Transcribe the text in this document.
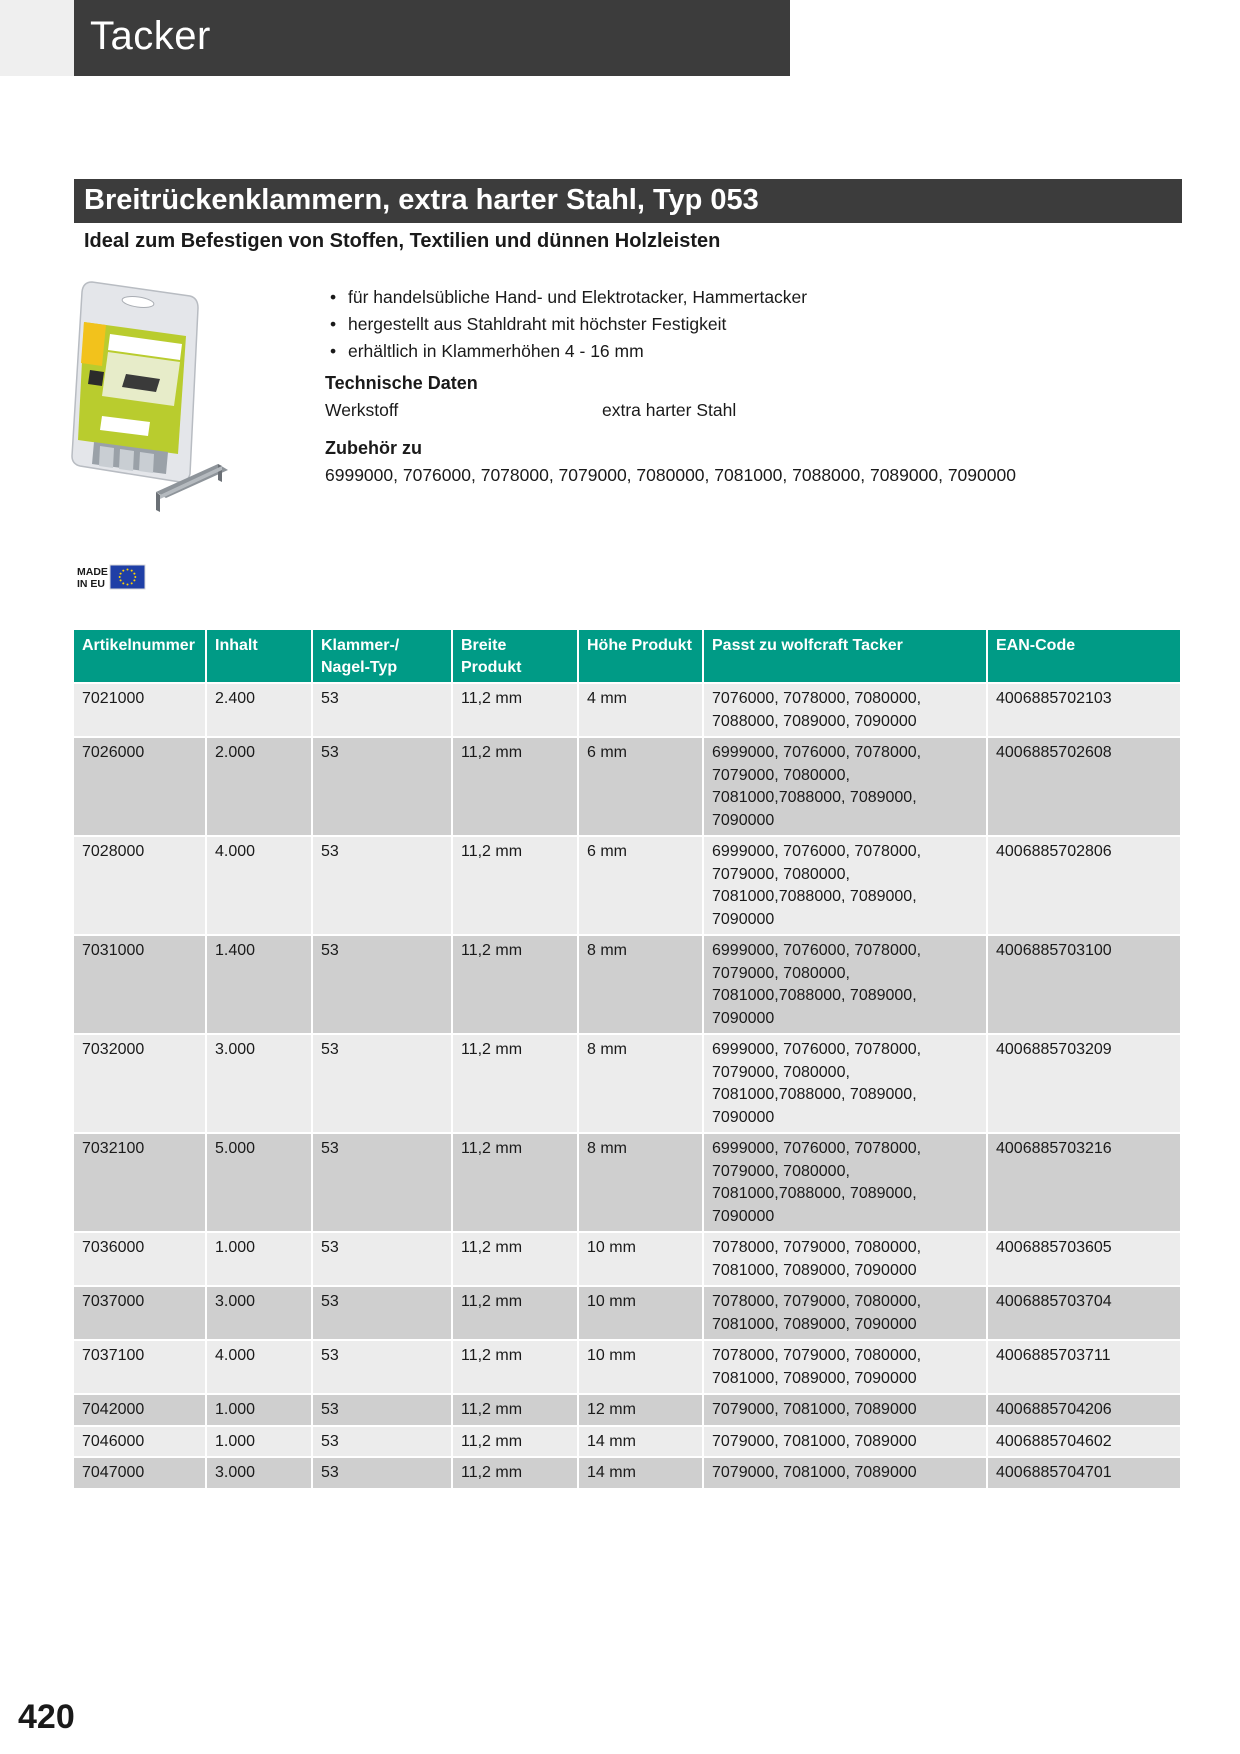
Tacker
Breitrückenklammern, extra harter Stahl, Typ 053
Ideal zum Befestigen von Stoffen, Textilien und dünnen Holzleisten
• für handelsübliche Hand- und Elektrotacker, Hammertacker
• hergestellt aus Stahldraht mit höchster Festigkeit
• erhältlich in Klammerhöhen 4 - 16 mm
Technische Daten
Werkstoff	extra harter Stahl
Zubehör zu
6999000, 7076000, 7078000, 7079000, 7080000, 7081000, 7088000, 7089000, 7090000
MADE
IN EU
Artikelnummer	Inhalt	Klammer-/ Nagel-Typ	Breite Produkt	Höhe Produkt	Passt zu wolfcraft Tacker	EAN-Code
7021000	2.400	53	11,2 mm	4 mm	7076000, 7078000, 7080000, 7088000, 7089000, 7090000	4006885702103
7026000	2.000	53	11,2 mm	6 mm	6999000, 7076000, 7078000, 7079000, 7080000, 7081000,7088000, 7089000, 7090000	4006885702608
7028000	4.000	53	11,2 mm	6 mm	6999000, 7076000, 7078000, 7079000, 7080000, 7081000,7088000, 7089000, 7090000	4006885702806
7031000	1.400	53	11,2 mm	8 mm	6999000, 7076000, 7078000, 7079000, 7080000, 7081000,7088000, 7089000, 7090000	4006885703100
7032000	3.000	53	11,2 mm	8 mm	6999000, 7076000, 7078000, 7079000, 7080000, 7081000,7088000, 7089000, 7090000	4006885703209
7032100	5.000	53	11,2 mm	8 mm	6999000, 7076000, 7078000, 7079000, 7080000, 7081000,7088000, 7089000, 7090000	4006885703216
7036000	1.000	53	11,2 mm	10 mm	7078000, 7079000, 7080000, 7081000, 7089000, 7090000	4006885703605
7037000	3.000	53	11,2 mm	10 mm	7078000, 7079000, 7080000, 7081000, 7089000, 7090000	4006885703704
7037100	4.000	53	11,2 mm	10 mm	7078000, 7079000, 7080000, 7081000, 7089000, 7090000	4006885703711
7042000	1.000	53	11,2 mm	12 mm	7079000, 7081000, 7089000	4006885704206
7046000	1.000	53	11,2 mm	14 mm	7079000, 7081000, 7089000	4006885704602
7047000	3.000	53	11,2 mm	14 mm	7079000, 7081000, 7089000	4006885704701
420
